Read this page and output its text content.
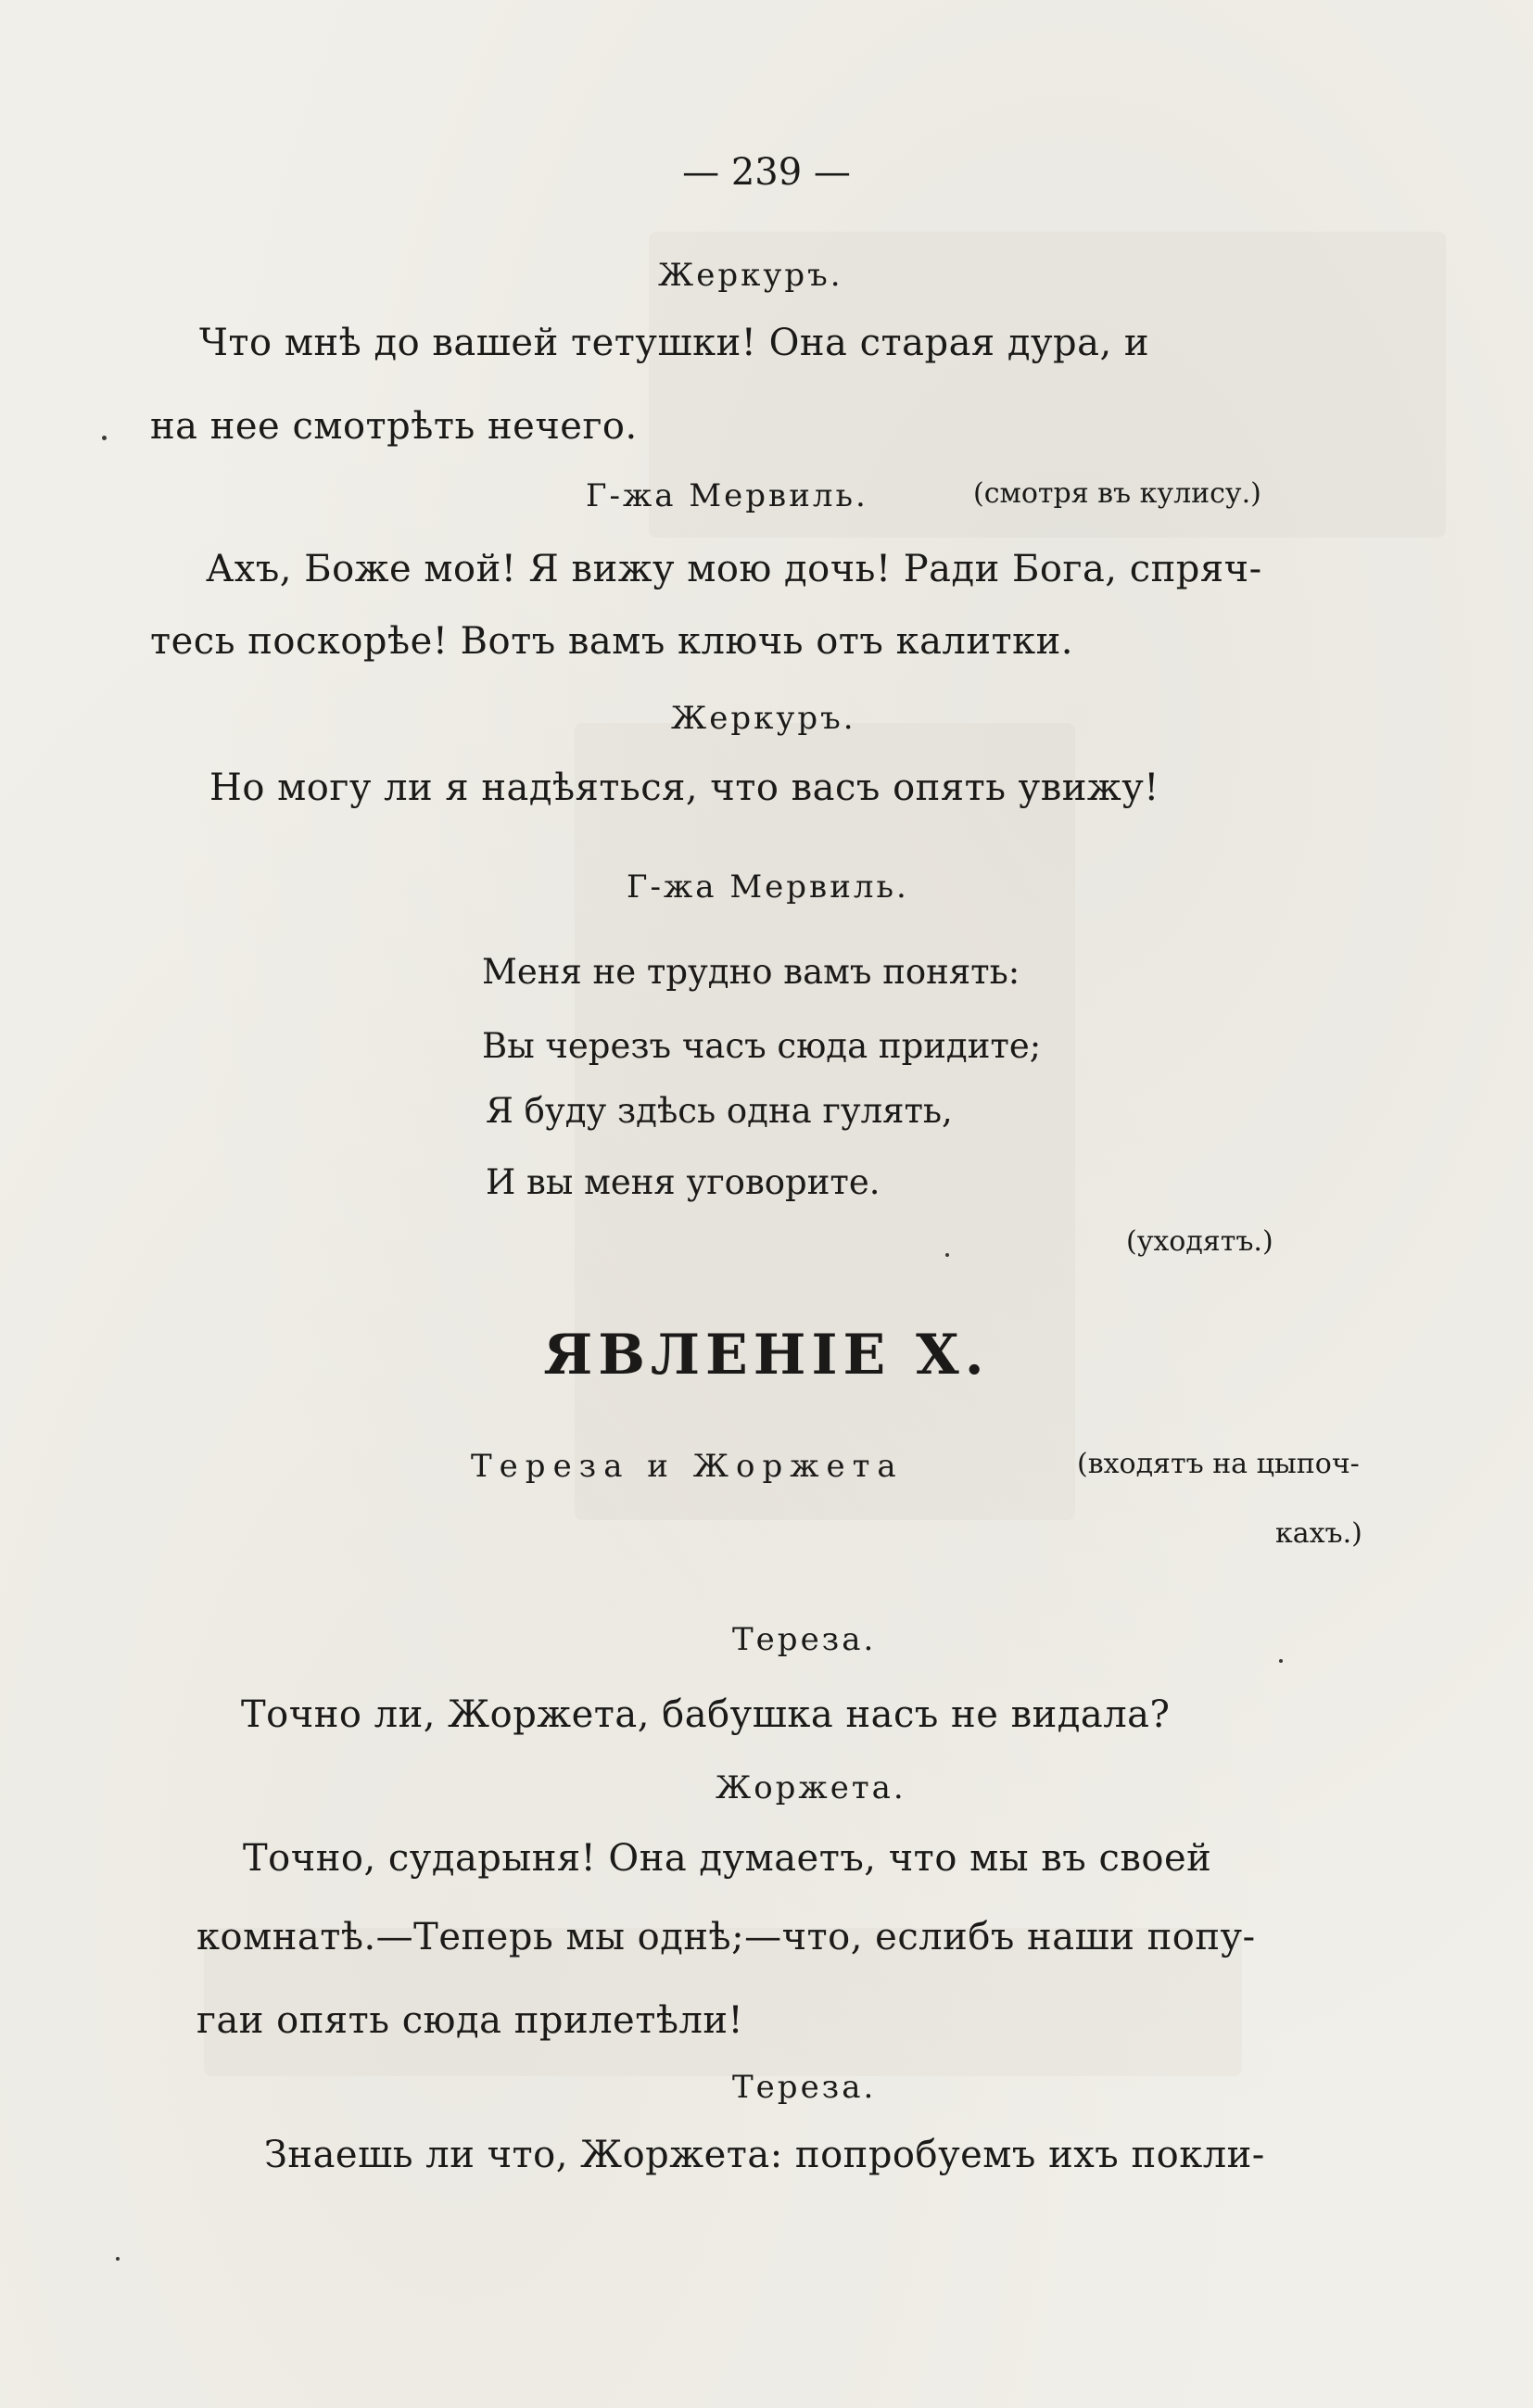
— 239 —
Жеркуръ.
Что мнѣ до вашей тетушки! Она старая дура, и
на нее смотрѣть нечего.
Г-жа Мервиль.	(смотря въ кулису.)
Ахъ, Боже мой! Я вижу мою дочь! Ради Бога, спряч-
тесь поскорѣе! Вотъ вамъ ключь отъ калитки.
Жеркуръ.
Но могу ли я надѣяться, что васъ опять увижу!
Г-жа Мервиль.
Меня не трудно вамъ понять:
Вы черезъ часъ сюда придите;
Я буду здѣсь одна гулять,
И вы меня уговорите.
(уходятъ.)
ЯВЛЕНІЕ X.
Тереза и Жоржета	(входятъ на цыпоч-
кахъ.)
Тереза.
Точно ли, Жоржета, бабушка насъ не видала?
Жоржета.
Точно, сударыня! Она думаетъ, что мы въ своей
комнатѣ.—Теперь мы однѣ;—что, еслибъ наши попу-
гаи опять сюда прилетѣли!
Тереза.
Знаешь ли что, Жоржета: попробуемъ ихъ покли-
